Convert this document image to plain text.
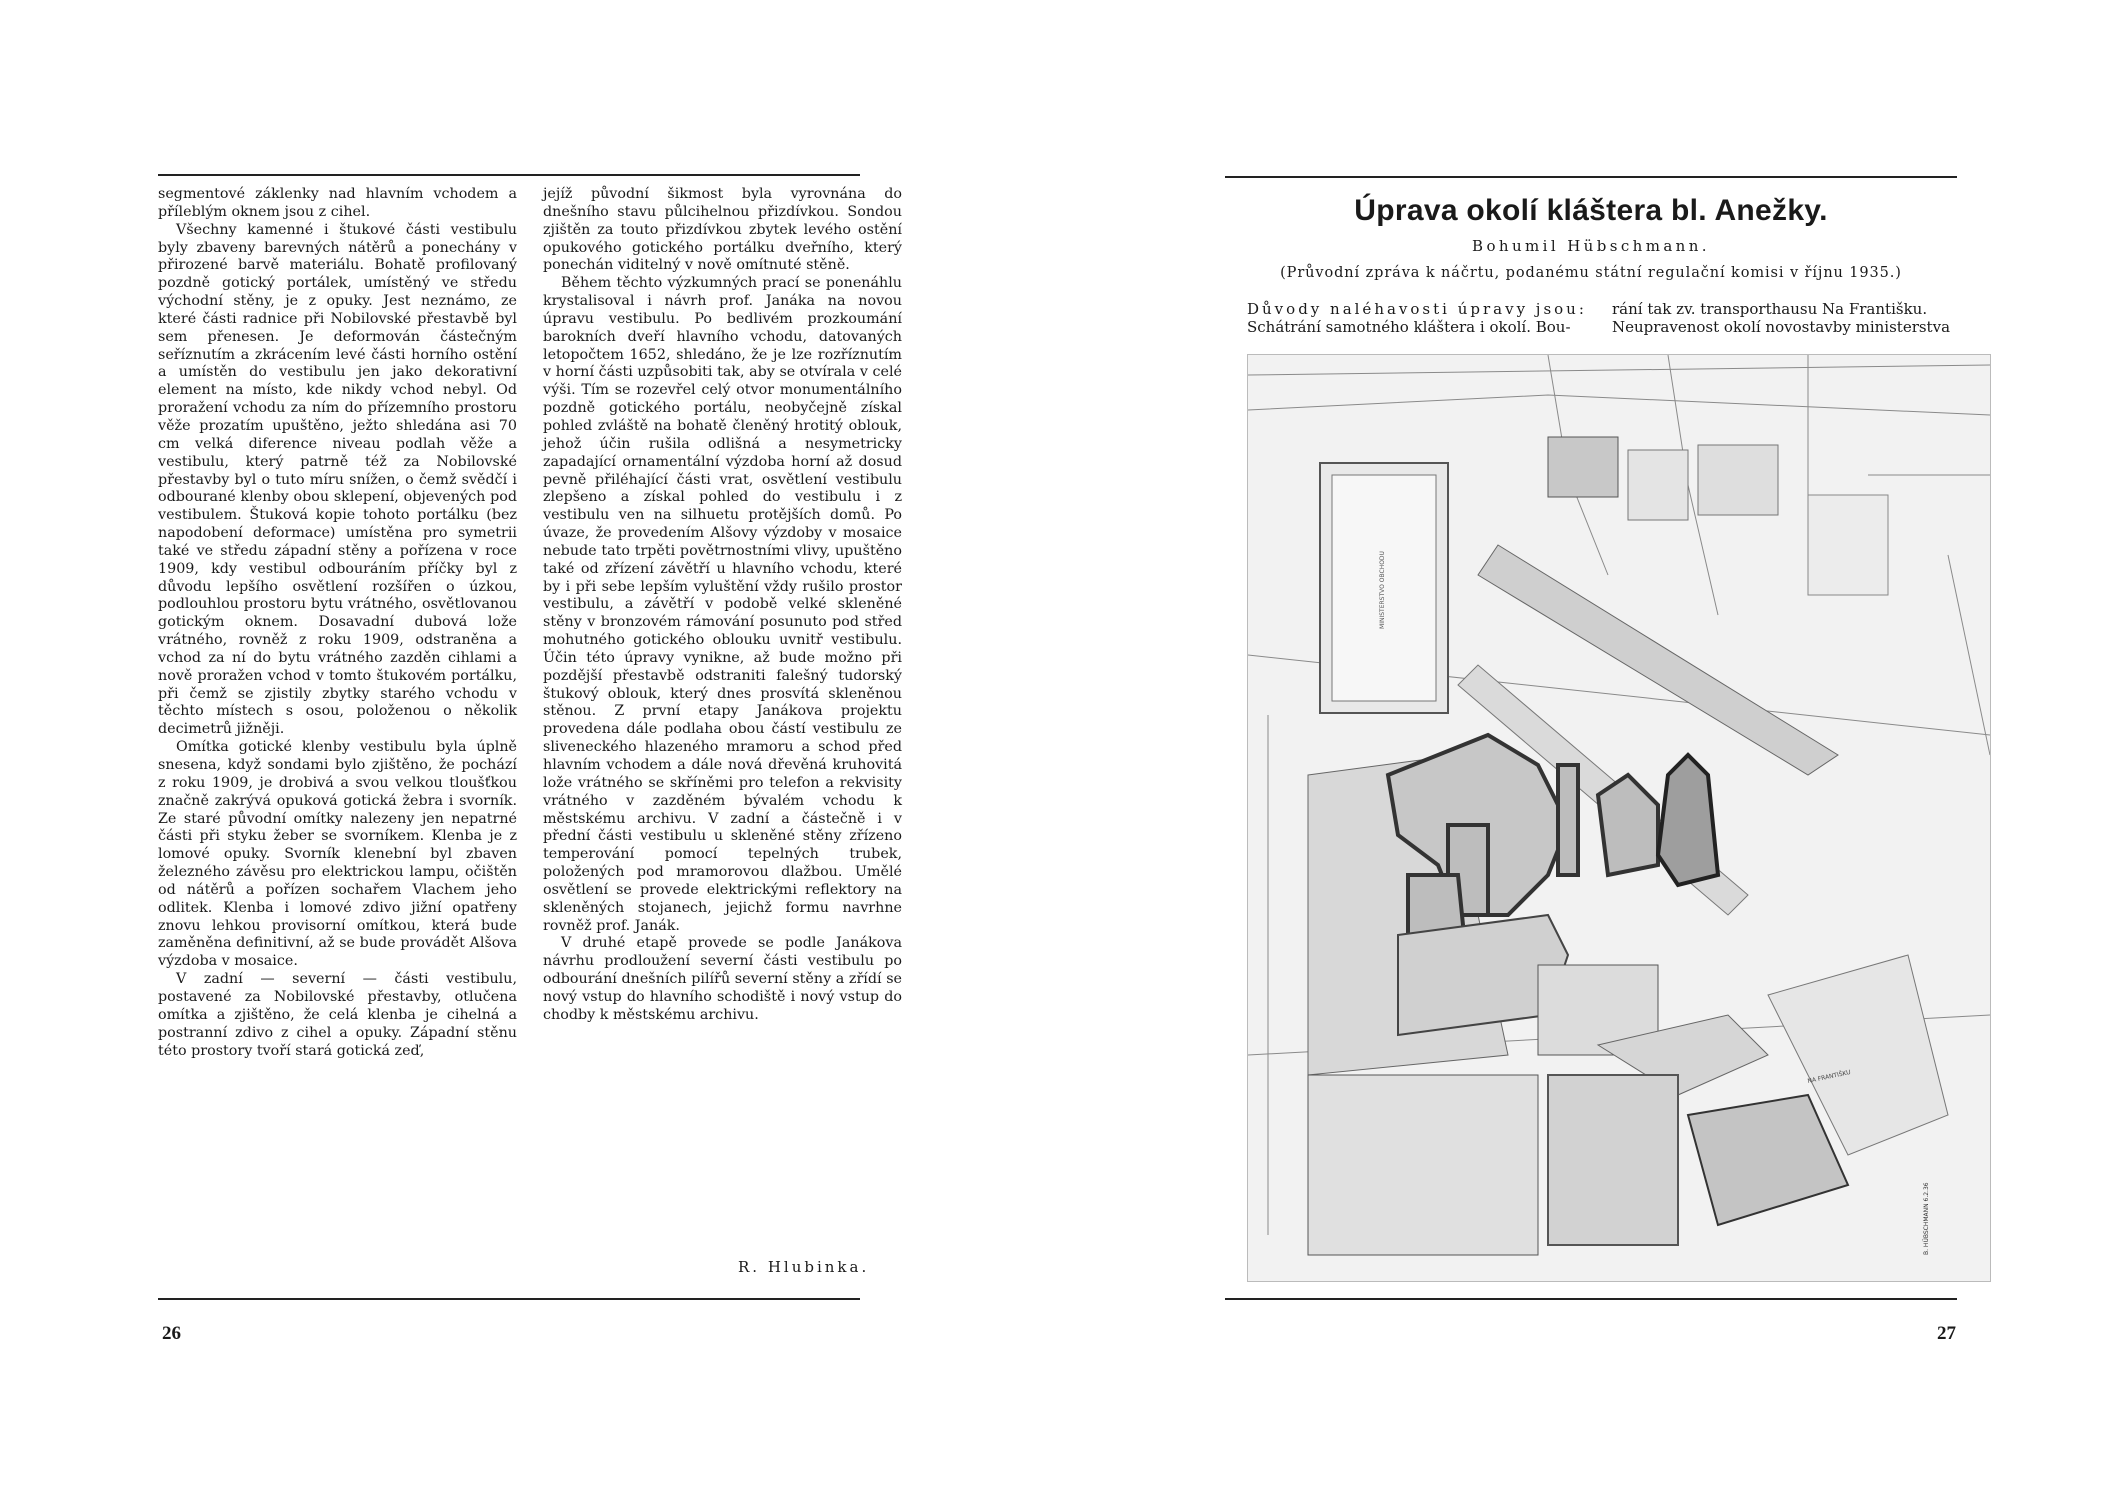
segmentové záklenky nad hlavním vchodem a příleblým oknem jsou z cihel.

Všechny kamenné i štukové části vestibulu byly zbaveny barevných nátěrů a ponechány v přirozené barvě materiálu. Bohatě profilovaný pozdně gotický portálek, umístěný ve středu východní stěny, je z opuky. Jest neznámo, ze které části radnice při Nobilovské přestavbě byl sem přenesen. Je deformován částečným seříznutím a zkrácením levé části horního ostění a umístěn do vestibulu jen jako dekorativní element na místo, kde nikdy vchod nebyl. Od proražení vchodu za ním do přízemního prostoru věže prozatím upuštěno, ježto shledána asi 70 cm velká diference niveau podlah věže a vestibulu, který patrně též za Nobilovské přestavby byl o tuto míru snížen, o čemž svědčí i odbourané klenby obou sklepení, objevených pod vestibulem. Štuková kopie tohoto portálku (bez napodobení deformace) umístěna pro symetrii také ve středu západní stěny a pořízena v roce 1909, kdy vestibul odbouráním příčky byl z důvodu lepšího osvětlení rozšířen o úzkou, podlouhlou prostoru bytu vrátného, osvětlovanou gotickým oknem. Dosavadní dubová lože vrátného, rovněž z roku 1909, odstraněna a vchod za ní do bytu vrátného zazděn cihlami a nově proražen vchod v tomto štukovém portálku, při čemž se zjistily zbytky starého vchodu v těchto místech s osou, položenou o několik decimetrů jižněji.

Omítka gotické klenby vestibulu byla úplně snesena, když sondami bylo zjištěno, že pochází z roku 1909, je drobivá a svou velkou tloušťkou značně zakrývá opuková gotická žebra i svorník. Ze staré původní omítky nalezeny jen nepatrné části při styku žeber se svorníkem. Klenba je z lomové opuky. Svorník klenební byl zbaven železného závěsu pro elektrickou lampu, očištěn od nátěrů a pořízen sochařem Vlachem jeho odlitek. Klenba i lomové zdivo jižní opatřeny znovu lehkou provisorní omítkou, která bude zaměněna definitivní, až se bude provádět Alšova výzdoba v mosaice.

V zadní — severní — části vestibulu, postavené za Nobilovské přestavby, otlučena omítka a zjištěno, že celá klenba je cihelná a postranní zdivo z cihel a opuky. Západní stěnu této prostory tvoří stará gotická zeď,

jejíž původní šikmost byla vyrovnána do dnešního stavu půlcihelnou přizdívkou. Sondou zjištěn za touto přizdívkou zbytek levého ostění opukového gotického portálku dveřního, který ponechán viditelný v nově omítnuté stěně.

Během těchto výzkumných prací se ponenáhlu krystalisoval i návrh prof. Janáka na novou úpravu vestibulu. Po bedlivém prozkoumání barokních dveří hlavního vchodu, datovaných letopočtem 1652, shledáno, že je lze rozříznutím v horní části uzpůsobiti tak, aby se otvírala v celé výši. Tím se rozevřel celý otvor monumentálního pozdně gotického portálu, neobyčejně získal pohled zvláště na bohatě členěný hrotitý oblouk, jehož účin rušila odlišná a nesymetricky zapadající ornamentální výzdoba horní až dosud pevně přiléhající části vrat, osvětlení vestibulu zlepšeno a získal pohled do vestibulu i z vestibulu ven na silhuetu protějších domů. Po úvaze, že provedením Alšovy výzdoby v mosaice nebude tato trpěti povětrnostními vlivy, upuštěno také od zřízení závětří u hlavního vchodu, které by i při sebe lepším vyluštění vždy rušilo prostor vestibulu, a závětří v podobě velké skleněné stěny v bronzovém rámování posunuto pod střed mohutného gotického oblouku uvnitř vestibulu. Účin této úpravy vynikne, až bude možno při pozdější přestavbě odstraniti falešný tudorský štukový oblouk, který dnes prosvítá skleněnou stěnou. Z první etapy Janákova projektu provedena dále podlaha obou částí vestibulu ze sliveneckého hlazeného mramoru a schod před hlavním vchodem a dále nová dřevěná kruhovitá lože vrátného se skříněmi pro telefon a rekvisity vrátného v zazděném bývalém vchodu k městskému archivu. V zadní a částečně i v přední části vestibulu u skleněné stěny zřízeno temperování pomocí tepelných trubek, položených pod mramorovou dlažbou. Umělé osvětlení se provede elektrickými reflektory na skleněných stojanech, jejichž formu navrhne rovněž prof. Janák.

V druhé etapě provede se podle Janákova návrhu prodloužení severní části vestibulu po odbourání dnešních pilířů severní stěny a zřídí se nový vstup do hlavního schodiště i nový vstup do chodby k městskému archivu.

R. Hlubinka.
26
Úprava okolí kláštera bl. Anežky.
Bohumil Hübschmann.
(Průvodní zpráva k náčrtu, podanému státní regulační komisi v říjnu 1935.)
Důvody naléhavosti úpravy jsou:
Schátrání samotného kláštera i okolí. Bou-
rání tak zv. transporthausu Na Františku.
Neupravenost okolí novostavby ministerstva
27
MINISTERSTVO OBCHODU
NA FRANTIŠKU
B. HÜBSCHMANN 6.2.36
